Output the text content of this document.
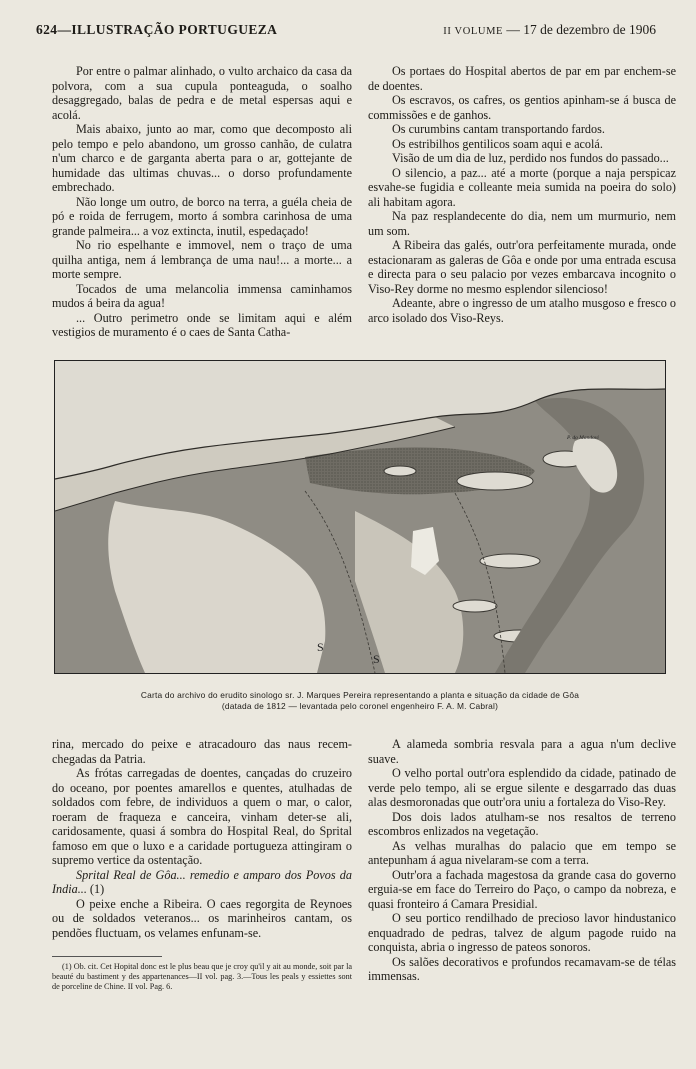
624—ILLUSTRAÇÃO PORTUGUEZA	II VOLUME — 17 de dezembro de 1906

Por entre o palmar alinhado, o vulto archaico da casa da polvora, com a sua cupula ponteaguda, o soalho desaggregado, balas de pedra e de metal espersas aqui e acolá.

Mais abaixo, junto ao mar, como que decomposto ali pelo tempo e pelo abandono, um grosso canhão, de culatra n'um charco e de garganta aberta para o ar, gottejante de humidade das ultimas chuvas... o dorso profundamente embrechado.

Não longe um outro, de borco na terra, a guéla cheia de pó e roida de ferrugem, morto á sombra carinhosa de uma grande palmeira... a voz extincta, inutil, espedaçado!

No rio espelhante e immovel, nem o traço de uma quilha antiga, nem á lembrança de uma nau!... a morte... a morte sempre.

Tocados de uma melancolia immensa caminhamos mudos á beira da agua!

... Outro perimetro onde se limitam aqui e além vestigios de muramento é o caes de Santa Catha-

Os portaes do Hospital abertos de par em par enchem-se de doentes.

Os escravos, os cafres, os gentios apinham-se á busca de commissões e de ganhos.

Os curumbins cantam transportando fardos.

Os estribilhos gentilicos soam aqui e acolá.

Visão de um dia de luz, perdido nos fundos do passado...

O silencio, a paz... até a morte (porque a naja perspicaz esvahe-se fugidia e colleante meia sumida na poeira do solo) ali habitam agora.

Na paz resplandecente do dia, nem um murmurio, nem um som.

A Ribeira das galés, outr'ora perfeitamente murada, onde estacionaram as galeras de Gôa e onde por uma entrada escusa e directa para o seu palacio por vezes embarcava incognito o Viso-Rey dorme no mesmo esplendor silencioso!

Adeante, abre o ingresso de um atalho musgoso e fresco o arco isolado dos Viso-Reys.

S
S
P. do Mandovi
Carta do archivo do erudito sinologo sr. J. Marques Pereira representando a planta e situação da cidade de Gôa
(datada de 1812 — levantada pelo coronel engenheiro F. A. M. Cabral)

rina, mercado do peixe e atracadouro das naus recem-chegadas da Patria.

As frótas carregadas de doentes, cançadas do cruzeiro do oceano, por poentes amarellos e quentes, atulhadas de soldados com febre, de individuos a quem o mar, o calor, roeram de fraqueza e canceira, vinham deter-se ali, caridosamente, quasi á sombra do Hospital Real, do Sprital famoso em que o luxo e a caridade portugueza attingiram o supremo vertice da ostentação.

Sprital Real de Gôa... remedio e amparo dos Povos da India... (1)

O peixe enche a Ribeira. O caes regorgita de Reynoes ou de soldados veteranos... os marinheiros cantam, os pendões fluctuam, os velames enfunam-se.

(1) Ob. cit. Cet Hopital donc est le plus beau que je croy qu'il y ait au monde, soit par la beauté du bastiment y des appartenances—II vol. pag. 3.—Tous les peals y essiettes sont de porceline de Chine. II vol. Pag. 6.

A alameda sombria resvala para a agua n'um declive suave.

O velho portal outr'ora esplendido da cidade, patinado de verde pelo tempo, ali se ergue silente e desgarrado das duas alas desmoronadas que outr'ora uniu a fortaleza do Viso-Rey.

Dos dois lados atulham-se nos resaltos de terreno escombros enlizados na vegetação.

As velhas muralhas do palacio que em tempo se antepunham á agua nivelaram-se com a terra.

Outr'ora a fachada magestosa da grande casa do governo erguia-se em face do Terreiro do Paço, o campo da nobreza, e quasi fronteiro á Camara Presidial.

O seu portico rendilhado de precioso lavor hindustanico enquadrado de pedras, talvez de algum pagode ruido na conquista, abria o ingresso de pateos sonoros.

Os salões decorativos e profundos recamavam-se de télas immensas.
